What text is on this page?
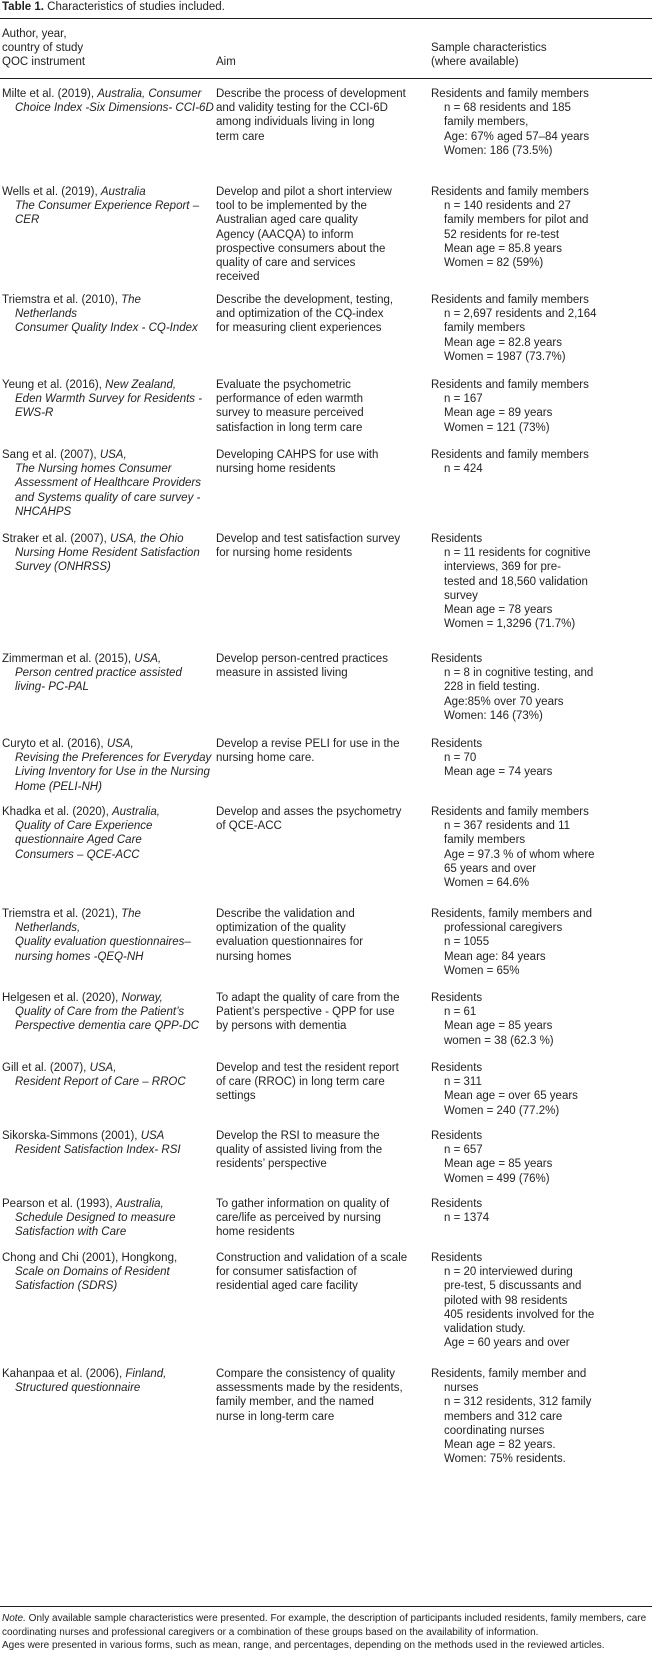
Table 1. Characteristics of studies included.
Author, year,
country of study
QOC instrument	Aim
Sample characteristics
(where available)
Milte et al. (2019), Australia, Consumer
Choice Index -Six Dimensions- CCI-6D
Describe the process of development
and validity testing for the CCI-6D
among individuals living in long
term care
Residents and family members
n = 68 residents and 185
family members,
Age: 67% aged 57–84 years
Women: 186 (73.5%)
Wells et al. (2019), Australia
The Consumer Experience Report –
CER
Develop and pilot a short interview
tool to be implemented by the
Australian aged care quality
Agency (AACQA) to inform
prospective consumers about the
quality of care and services
received
Residents and family members
n = 140 residents and 27
family members for pilot and
52 residents for re-test
Mean age = 85.8 years
Women = 82 (59%)
Triemstra et al. (2010), The
Netherlands
Consumer Quality Index - CQ-Index
Describe the development, testing,
and optimization of the CQ-index
for measuring client experiences
Residents and family members
n = 2,697 residents and 2,164
family members
Mean age = 82.8 years
Women = 1987 (73.7%)
Yeung et al. (2016), New Zealand,
Eden Warmth Survey for Residents -
EWS-R
Evaluate the psychometric
performance of eden warmth
survey to measure perceived
satisfaction in long term care
Residents and family members
n = 167
Mean age = 89 years
Women = 121 (73%)
Sang et al. (2007), USA,
The Nursing homes Consumer
Assessment of Healthcare Providers
and Systems quality of care survey -
NHCAHPS
Developing CAHPS for use with
nursing home residents
Residents and family members
n = 424
Straker et al. (2007), USA, the Ohio
Nursing Home Resident Satisfaction
Survey (ONHRSS)
Develop and test satisfaction survey
for nursing home residents
Residents
n = 11 residents for cognitive
interviews, 369 for pre-
tested and 18,560 validation
survey
Mean age = 78 years
Women = 1,3296 (71.7%)
Zimmerman et al. (2015), USA,
Person centred practice assisted
living- PC-PAL
Develop person-centred practices
measure in assisted living
Residents
n = 8 in cognitive testing, and
228 in field testing.
Age:85% over 70 years
Women: 146 (73%)
Curyto et al. (2016), USA,
Revising the Preferences for Everyday
Living Inventory for Use in the Nursing
Home (PELI-NH)
Develop a revise PELI for use in the
nursing home care.
Residents
n = 70
Mean age = 74 years
Khadka et al. (2020), Australia,
Quality of Care Experience
questionnaire Aged Care
Consumers – QCE-ACC
Develop and asses the psychometry
of QCE-ACC
Residents and family members
n = 367 residents and 11
family members
Age = 97.3 % of whom where
65 years and over
Women = 64.6%
Triemstra et al. (2021), The
Netherlands,
Quality evaluation questionnaires–
nursing homes -QEQ-NH
Describe the validation and
optimization of the quality
evaluation questionnaires for
nursing homes
Residents, family members and
professional caregivers
n = 1055
Mean age: 84 years
Women = 65%
Helgesen et al. (2020), Norway,
Quality of Care from the Patient’s
Perspective dementia care QPP-DC
To adapt the quality of care from the
Patient’s perspective - QPP for use
by persons with dementia
Residents
n = 61
Mean age = 85 years
women = 38 (62.3 %)
Gill et al. (2007), USA,
Resident Report of Care – RROC
Develop and test the resident report
of care (RROC) in long term care
settings
Residents
n = 311
Mean age = over 65 years
Women = 240 (77.2%)
Sikorska-Simmons (2001), USA
Resident Satisfaction Index- RSI
Develop the RSI to measure the
quality of assisted living from the
residents’ perspective
Residents
n = 657
Mean age = 85 years
Women = 499 (76%)
Pearson et al. (1993), Australia,
Schedule Designed to measure
Satisfaction with Care
To gather information on quality of
care/life as perceived by nursing
home residents
Residents
n = 1374
Chong and Chi (2001), Hongkong,
Scale on Domains of Resident
Satisfaction (SDRS)
Construction and validation of a scale
for consumer satisfaction of
residential aged care facility
Residents
n = 20 interviewed during
pre-test, 5 discussants and
piloted with 98 residents
405 residents involved for the
validation study.
Age = 60 years and over
Kahanpaa et al. (2006), Finland,
Structured questionnaire
Compare the consistency of quality
assessments made by the residents,
family member, and the named
nurse in long-term care
Residents, family member and
nurses
n = 312 residents, 312 family
members and 312 care
coordinating nurses
Mean age = 82 years.
Women: 75% residents.

Note. Only available sample characteristics were presented. For example, the description of participants included residents, family members, care coordinating nurses and professional caregivers or a combination of these groups based on the availability of information.

Ages were presented in various forms, such as mean, range, and percentages, depending on the methods used in the reviewed articles.
